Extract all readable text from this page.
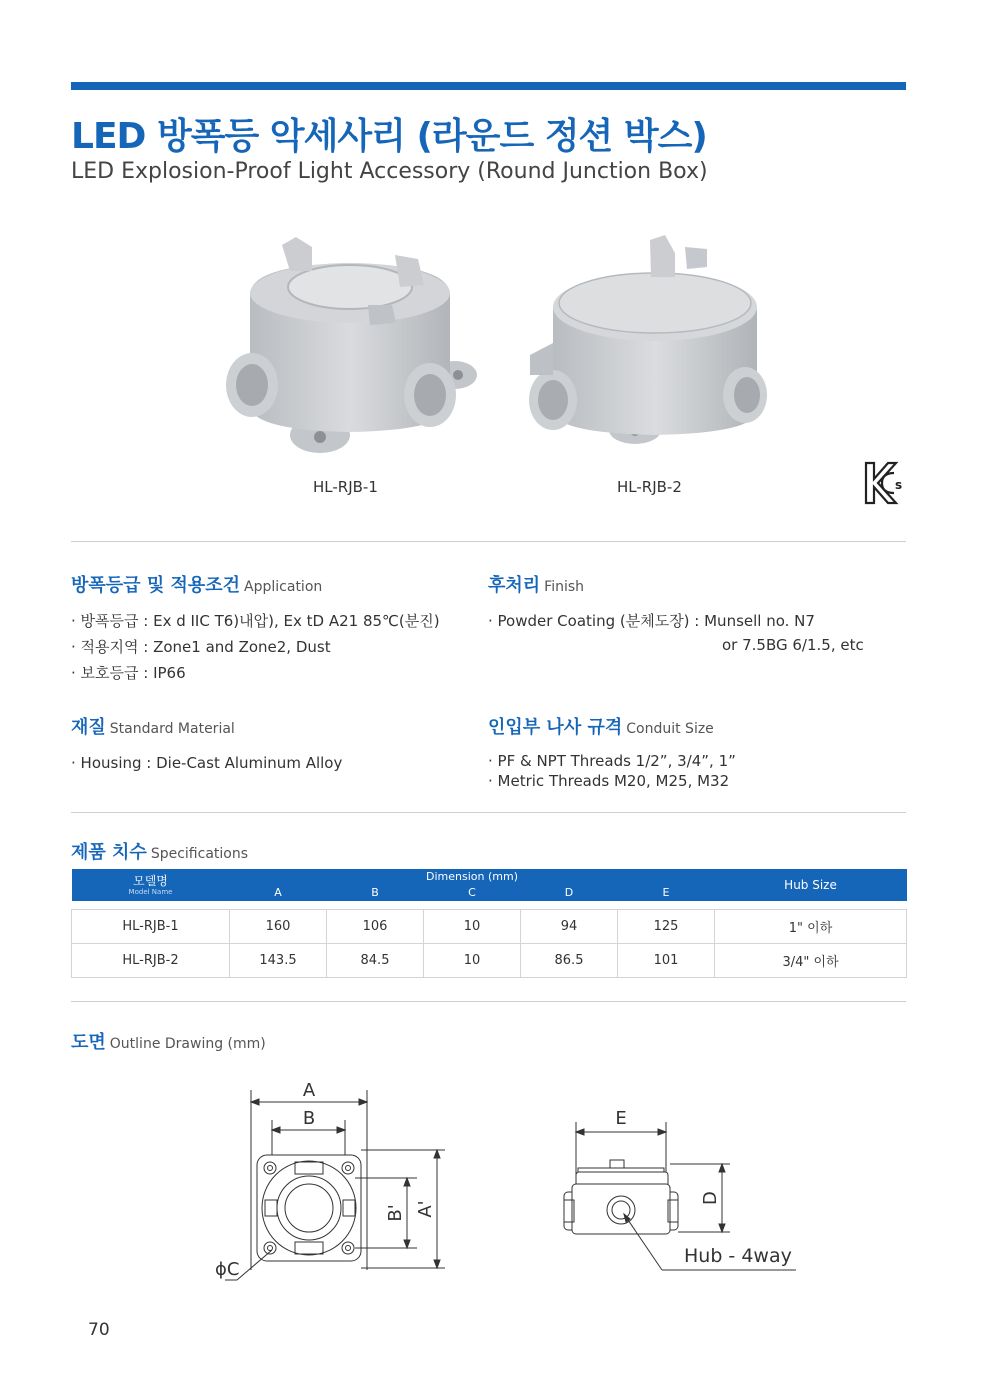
LED 방폭등 악세사리 (라운드 정션 박스)
LED Explosion-Proof Light Accessory (Round Junction Box)
HL-RJB-1	HL-RJB-2	s
방폭등급 및 적용조건 Application
· 방폭등급 : Ex d IIC T6)내압), Ex tD A21 85℃(분진)
· 적용지역 : Zone1 and Zone2, Dust
· 보호등급 : IP66
후처리 Finish
· Powder Coating (분체도장) : Munsell no. N7
or 7.5BG 6/1.5, etc
재질 Standard Material
· Housing : Die-Cast Aluminum Alloy
인입부 나사 규격 Conduit Size
· PF & NPT Threads 1/2”, 3/4”, 1”
· Metric Threads M20, M25, M32
제품 치수 Specifications
모델명
Model Name	Dimension (mm)					Hub Size
	A	B	C	D	E	

HL-RJB-1	160	106	10	94	125	1" 이하
HL-RJB-2	143.5	84.5	10	86.5	101	3/4" 이하
도면 Outline Drawing (mm)
A
B
B' A'
ϕC
E
D
Hub - 4way
70
